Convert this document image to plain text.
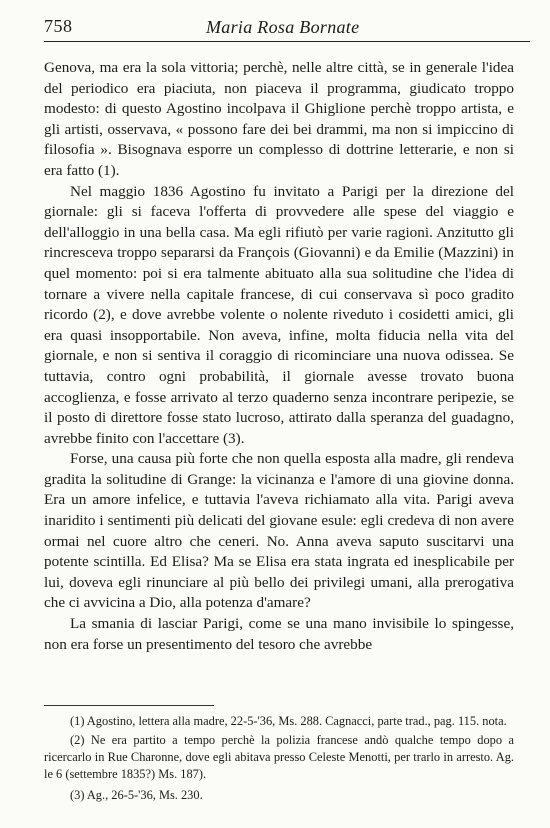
758	Maria Rosa Bornate

Genova, ma era la sola vittoria; perchè, nelle altre città, se in generale l'idea del periodico era piaciuta, non piaceva il programma, giudicato troppo modesto: di questo Agostino incolpava il Ghiglione perchè troppo artista, e gli artisti, osservava, « possono fare dei bei drammi, ma non si impiccino di filosofia ». Bisognava esporre un complesso di dottrine letterarie, e non si era fatto (1).

Nel maggio 1836 Agostino fu invitato a Parigi per la direzione del giornale: gli si faceva l'offerta di provvedere alle spese del viaggio e dell'alloggio in una bella casa. Ma egli rifiutò per varie ragioni. Anzitutto gli rincresceva troppo separarsi da François (Giovanni) e da Emilie (Mazzini) in quel momento: poi si era talmente abituato alla sua solitudine che l'idea di tornare a vivere nella capitale francese, di cui conservava sì poco gradito ricordo (2), e dove avrebbe volente o nolente riveduto i cosidetti amici, gli era quasi insopportabile. Non aveva, infine, molta fiducia nella vita del giornale, e non si sentiva il coraggio di ricominciare una nuova odissea. Se tuttavia, contro ogni probabilità, il giornale avesse trovato buona accoglienza, e fosse arrivato al terzo quaderno senza incontrare peripezie, se il posto di direttore fosse stato lucroso, attirato dalla speranza del guadagno, avrebbe finito con l'accettare (3).

Forse, una causa più forte che non quella esposta alla madre, gli rendeva gradita la solitudine di Grange: la vicinanza e l'amore di una giovine donna. Era un amore infelice, e tuttavia l'aveva richiamato alla vita. Parigi aveva inaridito i sentimenti più delicati del giovane esule: egli credeva di non avere ormai nel cuore altro che ceneri. No. Anna aveva saputo suscitarvi una potente scintilla. Ed Elisa? Ma se Elisa era stata ingrata ed inesplicabile per lui, doveva egli rinunciare al più bello dei privilegi umani, alla prerogativa che ci avvicina a Dio, alla potenza d'amare?

La smania di lasciar Parigi, come se una mano invisibile lo spingesse, non era forse un presentimento del tesoro che avrebbe

(1) Agostino, lettera alla madre, 22-5-'36, Ms. 288. Cagnacci, parte trad., pag. 115. nota.

(2) Ne era partito a tempo perchè la polizia francese andò qualche tempo dopo a ricercarlo in Rue Charonne, dove egli abitava presso Celeste Menotti, per trarlo in arresto. Ag. le 6 (settembre 1835?) Ms. 187).

(3) Ag., 26-5-'36, Ms. 230.
